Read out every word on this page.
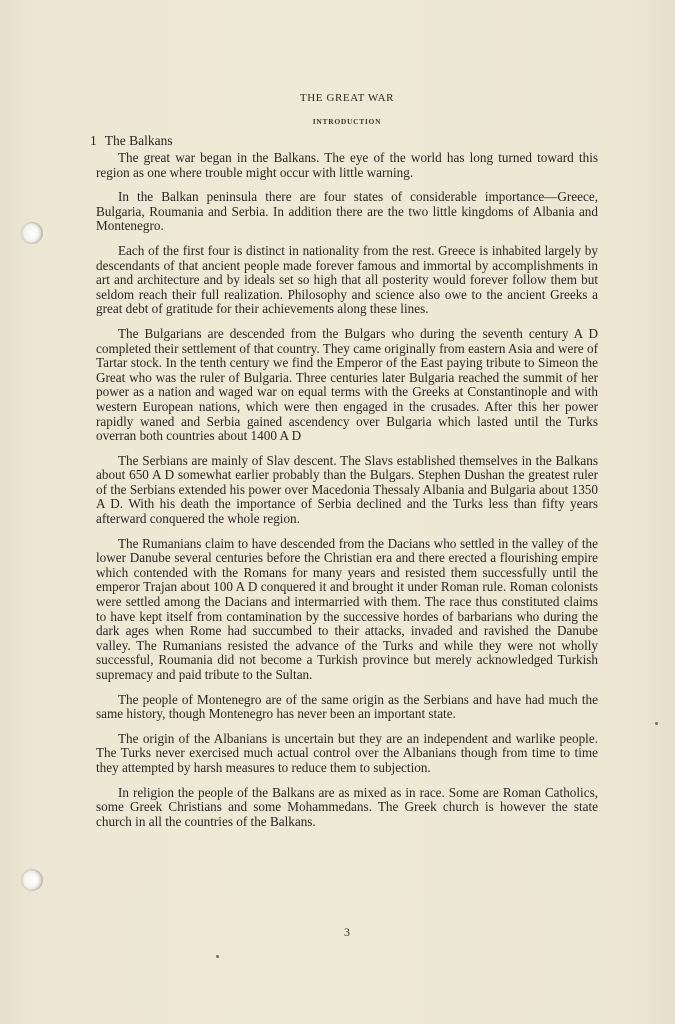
THE GREAT WAR
INTRODUCTION
1 The Balkans

The great war began in the Balkans. The eye of the world has long turned toward this region as one where trouble might occur with little warning.

In the Balkan peninsula there are four states of considerable importance—Greece, Bulgaria, Roumania and Serbia. In addition there are the two little kingdoms of Albania and Montenegro.

Each of the first four is distinct in nationality from the rest. Greece is inhabited largely by descendants of that ancient people made forever famous and immortal by accomplishments in art and architecture and by ideals set so high that all posterity would forever follow them but seldom reach their full realization. Philosophy and science also owe to the ancient Greeks a great debt of gratitude for their achievements along these lines.

The Bulgarians are descended from the Bulgars who during the seventh century A D completed their settlement of that country. They came originally from eastern Asia and were of Tartar stock. In the tenth century we find the Emperor of the East paying tribute to Simeon the Great who was the ruler of Bulgaria. Three centuries later Bulgaria reached the summit of her power as a nation and waged war on equal terms with the Greeks at Constantinople and with western European nations, which were then engaged in the crusades. After this her power rapidly waned and Serbia gained ascendency over Bulgaria which lasted until the Turks overran both countries about 1400 A D

The Serbians are mainly of Slav descent. The Slavs established themselves in the Balkans about 650 A D somewhat earlier probably than the Bulgars. Stephen Dushan the greatest ruler of the Serbians extended his power over Macedonia Thessaly Albania and Bulgaria about 1350 A D. With his death the importance of Serbia declined and the Turks less than fifty years afterward conquered the whole region.

The Rumanians claim to have descended from the Dacians who settled in the valley of the lower Danube several centuries before the Christian era and there erected a flourishing empire which contended with the Romans for many years and resisted them successfully until the emperor Trajan about 100 A D conquered it and brought it under Roman rule. Roman colonists were settled among the Dacians and intermarried with them. The race thus constituted claims to have kept itself from contamination by the successive hordes of barbarians who during the dark ages when Rome had succumbed to their attacks, invaded and ravished the Danube valley. The Rumanians resisted the advance of the Turks and while they were not wholly successful, Roumania did not become a Turkish province but merely acknowledged Turkish supremacy and paid tribute to the Sultan.

The people of Montenegro are of the same origin as the Serbians and have had much the same history, though Montenegro has never been an important state.

The origin of the Albanians is uncertain but they are an independent and warlike people. The Turks never exercised much actual control over the Albanians though from time to time they attempted by harsh measures to reduce them to subjection.

In religion the people of the Balkans are as mixed as in race. Some are Roman Catholics, some Greek Christians and some Mohammedans. The Greek church is however the state church in all the countries of the Balkans.

3
